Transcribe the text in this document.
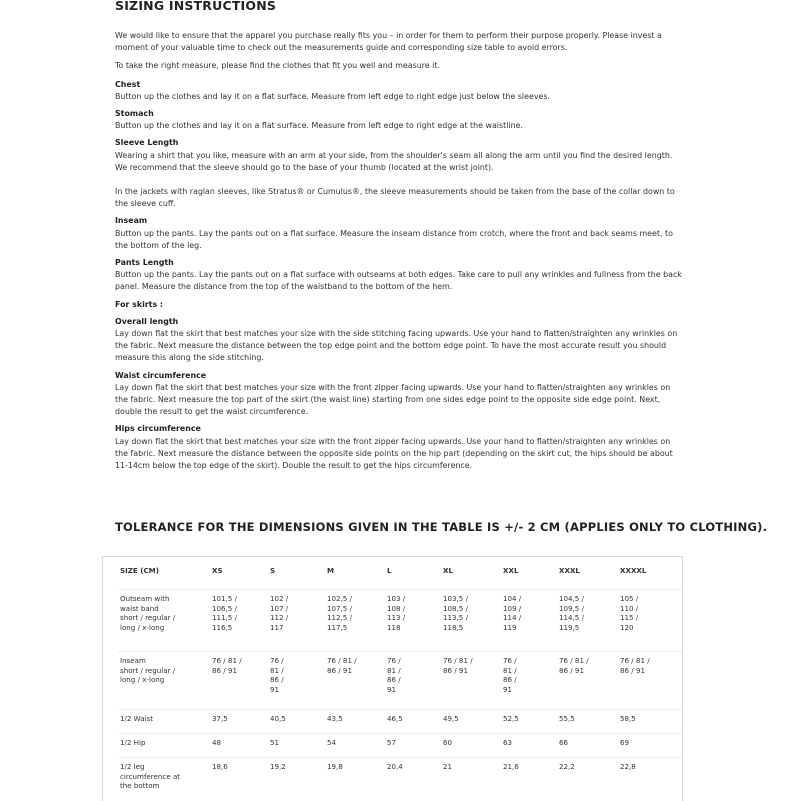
SIZING INSTRUCTIONS

We would like to ensure that the apparel you purchase really fits you – in order for them to perform their purpose properly. Please invest a moment of your valuable time to check out the measurements guide and corresponding size table to avoid errors.

To take the right measure, please find the clothes that fit you well and measure it.

Chest
Button up the clothes and lay it on a flat surface. Measure from left edge to right edge just below the sleeves.
Stomach
Button up the clothes and lay it on a flat surface. Measure from left edge to right edge at the waistline.
Sleeve Length
Wearing a shirt that you like, measure with an arm at your side, from the shoulder's seam all along the arm until you find the desired length. We recommend that the sleeve should go to the base of your thumb (located at the wrist joint).
In the jackets with raglan sleeves, like Stratus® or Cumulus®, the sleeve measurements should be taken from the base of the collar down to the sleeve cuff.
Inseam
Button up the pants. Lay the pants out on a flat surface. Measure the inseam distance from crotch, where the front and back seams meet, to the bottom of the leg.
Pants Length
Button up the pants. Lay the pants out on a flat surface with outseams at both edges. Take care to pull any wrinkles and fullness from the back panel. Measure the distance from the top of the waistband to the bottom of the hem.
For skirts :
Overall length
Lay down flat the skirt that best matches your size with the side stitching facing upwards. Use your hand to flatten/straighten any wrinkles on the fabric. Next measure the distance between the top edge point and the bottom edge point. To have the most accurate result you should measure this along the side stitching.
Waist circumference
Lay down flat the skirt that best matches your size with the front zipper facing upwards. Use your hand to flatten/straighten any wrinkles on the fabric. Next measure the top part of the skirt (the waist line) starting from one sides edge point to the opposite side edge point. Next, double the result to get the waist circumference.
Hips circumference
Lay down flat the skirt that best matches your size with the front zipper facing upwards. Use your hand to flatten/straighten any wrinkles on the fabric. Next measure the distance between the opposite side points on the hip part (depending on the skirt cut, the hips should be about 11-14cm below the top edge of the skirt). Double the result to get the hips circumference.
TOLERANCE FOR THE DIMENSIONS GIVEN IN THE TABLE IS +/- 2 CM (APPLIES ONLY TO CLOTHING).
SIZE (CM)	XS	S	M	L	XL	XXL	XXXL	XXXXL
Outseam with
waist band
short / regular /
long / x-long	101,5 /
106,5 /
111,5 /
116,5	102 /
107 /
112 /
117	102,5 /
107,5 /
112,5 /
117,5	103 /
108 /
113 /
118	103,5 /
108,5 /
113,5 /
118,5	104 /
109 /
114 /
119	104,5 /
109,5 /
114,5 /
119,5	105 /
110 /
115 /
120
Inseam
short / regular /
long / x-long	76 / 81 /
86 / 91	76 /
81 /
86 /
91	76 / 81 /
86 / 91	76 /
81 /
86 /
91	76 / 81 /
86 / 91	76 /
81 /
86 /
91	76 / 81 /
86 / 91	76 / 81 /
86 / 91
1/2 Waist	37,5	40,5	43,5	46,5	49,5	52,5	55,5	58,5
1/2 Hip	48	51	54	57	60	63	66	69
1/2 leg
circumference at
the bottom	18,6	19,2	19,8	20,4	21	21,6	22,2	22,8
